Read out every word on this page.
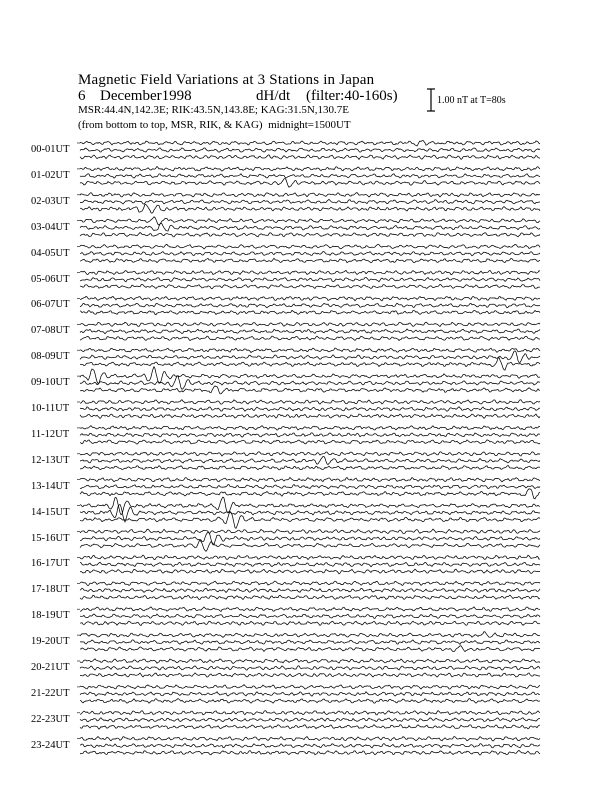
Magnetic Field Variations at 3 Stations in Japan
6 December1998	dH/dt (filter:40-160s)
MSR:44.4N,142.3E; RIK:43.5N,143.8E; KAG:31.5N,130.7E
(from bottom to top, MSR, RIK, & KAG) midnight=1500UT
1.00 nT at T=80s
00-01UT
01-02UT
02-03UT
03-04UT
04-05UT
05-06UT
06-07UT
07-08UT
08-09UT
09-10UT
10-11UT
11-12UT
12-13UT
13-14UT
14-15UT
15-16UT
16-17UT
17-18UT
18-19UT
19-20UT
20-21UT
21-22UT
22-23UT
23-24UT
